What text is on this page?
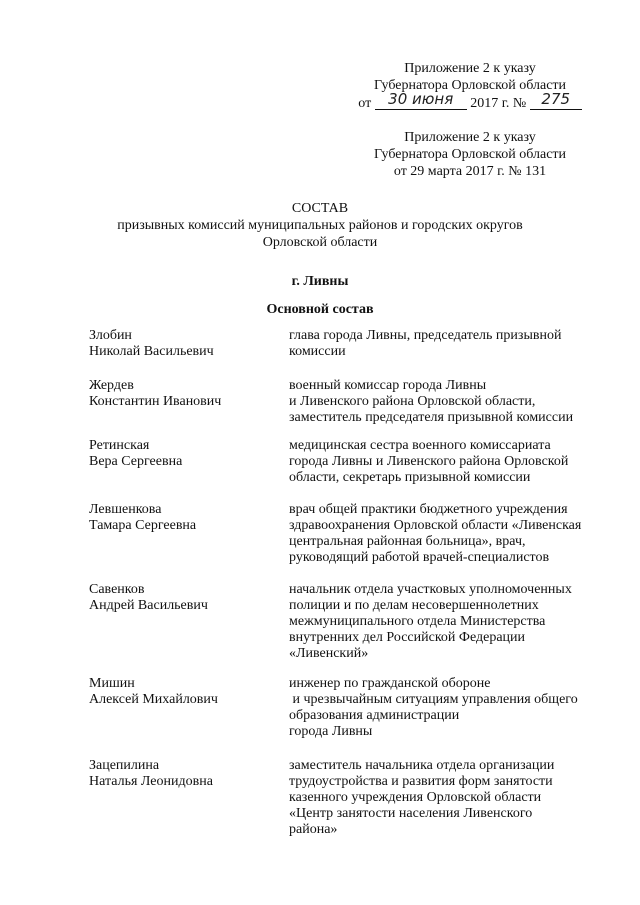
Приложение 2 к указу
Губернатора Орловской области
от 30 июня 2017 г. № 275
Приложение 2 к указу
Губернатора Орловской области
от 29 марта 2017 г. № 131
СОСТАВ
призывных комиссий муниципальных районов и городских округов
Орловской области
г. Ливны
Основной состав
Злобин
Николай Васильевич
глава города Ливны, председатель призывной
комиссии
Жердев
Константин Иванович
военный комиссар города Ливны
и Ливенского района Орловской области,
заместитель председателя призывной комиссии
Ретинская
Вера Сергеевна
медицинская сестра военного комиссариата
города Ливны и Ливенского района Орловской
области, секретарь призывной комиссии
Левшенкова
Тамара Сергеевна
врач общей практики бюджетного учреждения
здравоохранения Орловской области «Ливенская
центральная районная больница», врач,
руководящий работой врачей-специалистов
Савенков
Андрей Васильевич
начальник отдела участковых уполномоченных
полиции и по делам несовершеннолетних
межмуниципального отдела Министерства
внутренних дел Российской Федерации
«Ливенский»
Мишин
Алексей Михайлович
инженер по гражданской обороне
и чрезвычайным ситуациям управления общего
образования администрации
города Ливны
Зацепилина
Наталья Леонидовна
заместитель начальника отдела организации
трудоустройства и развития форм занятости
казенного учреждения Орловской области
«Центр занятости населения Ливенского
района»
